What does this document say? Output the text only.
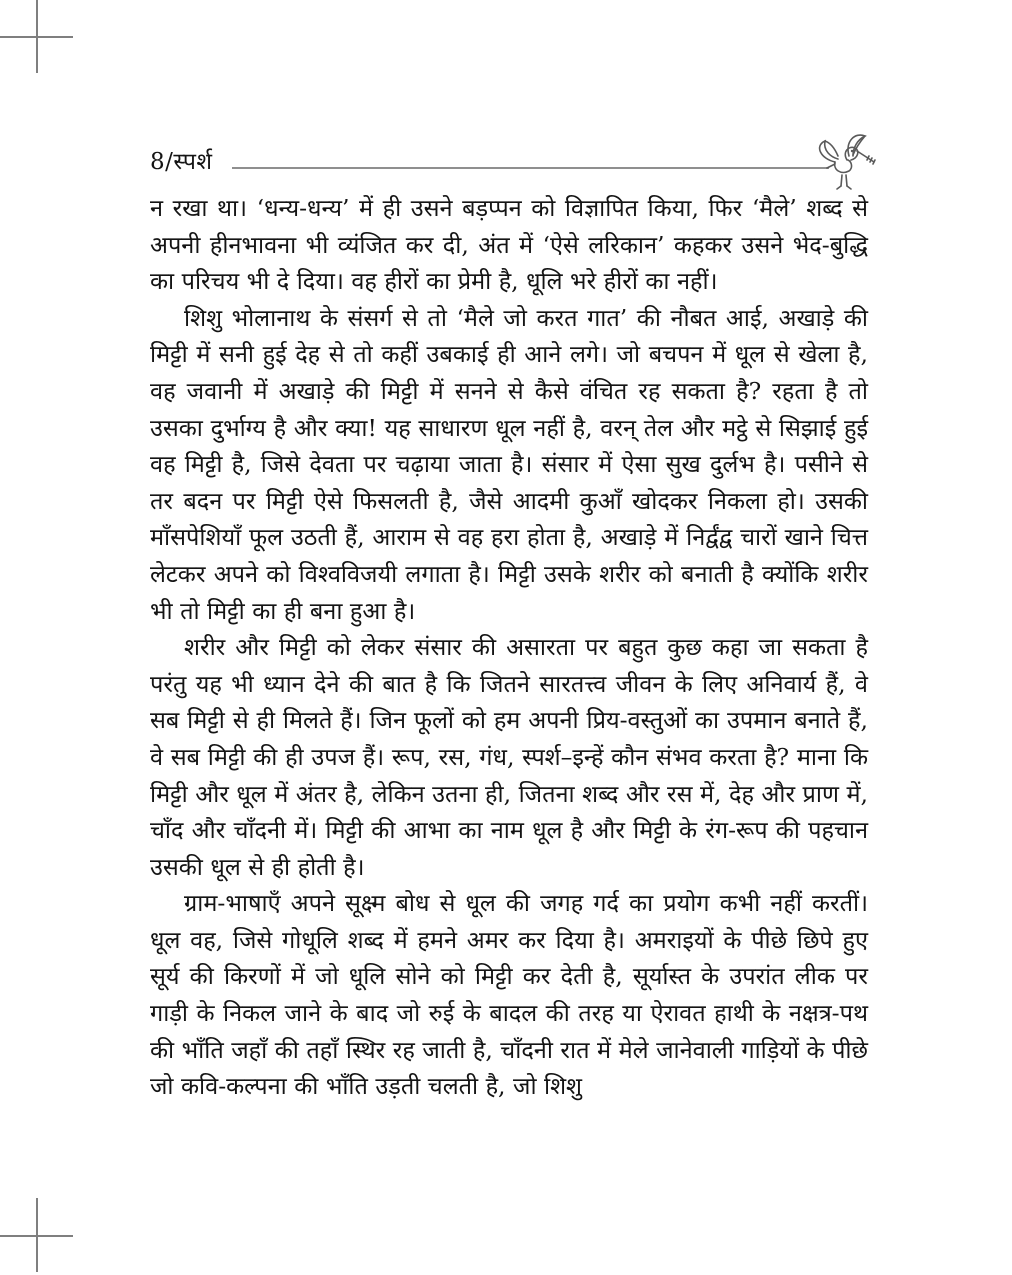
8/स्पर्श

न रखा था। ‘धन्य-धन्य’ में ही उसने बड़प्पन को विज्ञापित किया, फिर ‘मैले’ शब्द से अपनी हीनभावना भी व्यंजित कर दी, अंत में ‘ऐसे लरिकान’ कहकर उसने भेद-बुद्धि का परिचय भी दे दिया। वह हीरों का प्रेमी है, धूलि भरे हीरों का नहीं।

शिशु भोलानाथ के संसर्ग से तो ‘मैले जो करत गात’ की नौबत आई, अखाड़े की मिट्टी में सनी हुई देह से तो कहीं उबकाई ही आने लगे। जो बचपन में धूल से खेला है, वह जवानी में अखाड़े की मिट्टी में सनने से कैसे वंचित रह सकता है? रहता है तो उसका दुर्भाग्य है और क्या! यह साधारण धूल नहीं है, वरन् तेल और मट्ठे से सिझाई हुई वह मिट्टी है, जिसे देवता पर चढ़ाया जाता है। संसार में ऐसा सुख दुर्लभ है। पसीने से तर बदन पर मिट्टी ऐसे फिसलती है, जैसे आदमी कुआँ खोदकर निकला हो। उसकी माँसपेशियाँ फूल उठती हैं, आराम से वह हरा होता है, अखाड़े में निर्द्वंद्व चारों खाने चित्त लेटकर अपने को विश्वविजयी लगाता है। मिट्टी उसके शरीर को बनाती है क्योंकि शरीर भी तो मिट्टी का ही बना हुआ है।

शरीर और मिट्टी को लेकर संसार की असारता पर बहुत कुछ कहा जा सकता है परंतु यह भी ध्यान देने की बात है कि जितने सारतत्त्व जीवन के लिए अनिवार्य हैं, वे सब मिट्टी से ही मिलते हैं। जिन फूलों को हम अपनी प्रिय-वस्तुओं का उपमान बनाते हैं, वे सब मिट्टी की ही उपज हैं। रूप, रस, गंध, स्पर्श–इन्हें कौन संभव करता है? माना कि मिट्टी और धूल में अंतर है, लेकिन उतना ही, जितना शब्द और रस में, देह और प्राण में, चाँद और चाँदनी में। मिट्टी की आभा का नाम धूल है और मिट्टी के रंग-रूप की पहचान उसकी धूल से ही होती है।

ग्राम-भाषाएँ अपने सूक्ष्म बोध से धूल की जगह गर्द का प्रयोग कभी नहीं करतीं। धूल वह, जिसे गोधूलि शब्द में हमने अमर कर दिया है। अमराइयों के पीछे छिपे हुए सूर्य की किरणों में जो धूलि सोने को मिट्टी कर देती है, सूर्यास्त के उपरांत लीक पर गाड़ी के निकल जाने के बाद जो रुई के बादल की तरह या ऐरावत हाथी के नक्षत्र-पथ की भाँति जहाँ की तहाँ स्थिर रह जाती है, चाँदनी रात में मेले जानेवाली गाड़ियों के पीछे जो कवि-कल्पना की भाँति उड़ती चलती है, जो शिशु
